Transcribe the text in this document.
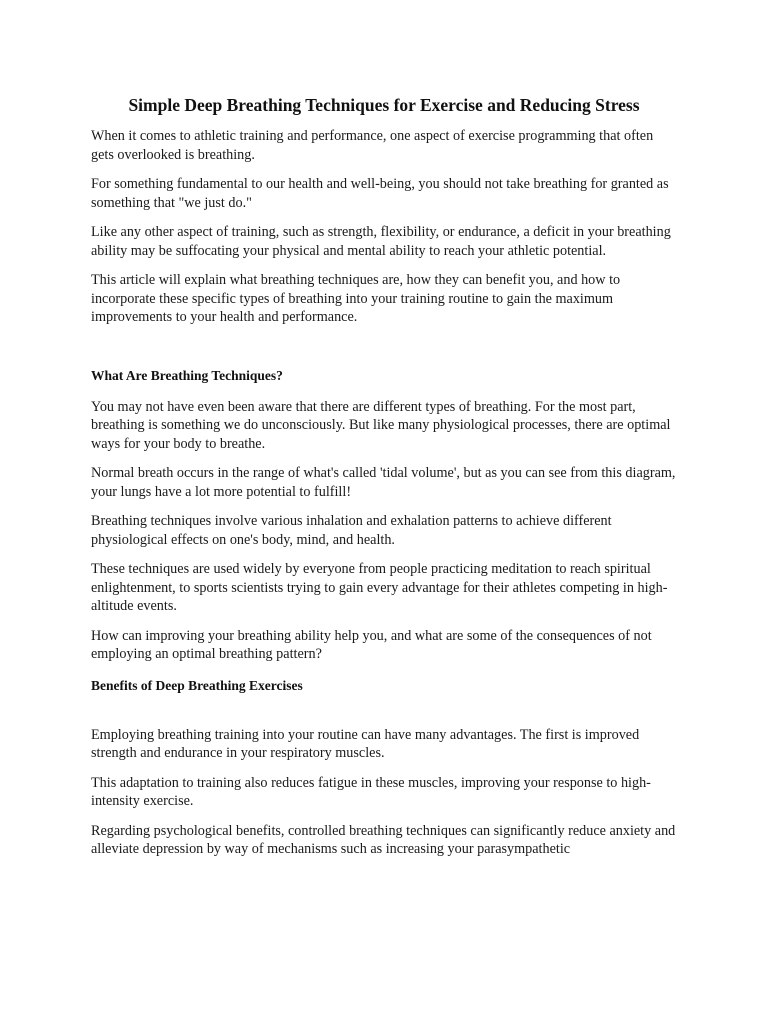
Simple Deep Breathing Techniques for Exercise and Reducing Stress

When it comes to athletic training and performance, one aspect of exercise programming that often gets overlooked is breathing.

For something fundamental to our health and well-being, you should not take breathing for granted as something that "we just do."

Like any other aspect of training, such as strength, flexibility, or endurance, a deficit in your breathing ability may be suffocating your physical and mental ability to reach your athletic potential.

This article will explain what breathing techniques are, how they can benefit you, and how to incorporate these specific types of breathing into your training routine to gain the maximum improvements to your health and performance.

What Are Breathing Techniques?

You may not have even been aware that there are different types of breathing. For the most part, breathing is something we do unconsciously. But like many physiological processes, there are optimal ways for your body to breathe.

Normal breath occurs in the range of what's called 'tidal volume', but as you can see from this diagram, your lungs have a lot more potential to fulfill!

Breathing techniques involve various inhalation and exhalation patterns to achieve different physiological effects on one's body, mind, and health.

These techniques are used widely by everyone from people practicing meditation to reach spiritual enlightenment, to sports scientists trying to gain every advantage for their athletes competing in high-altitude events.

How can improving your breathing ability help you, and what are some of the consequences of not employing an optimal breathing pattern?

Benefits of Deep Breathing Exercises

Employing breathing training into your routine can have many advantages. The first is improved strength and endurance in your respiratory muscles.

This adaptation to training also reduces fatigue in these muscles, improving your response to high-intensity exercise.

Regarding psychological benefits, controlled breathing techniques can significantly reduce anxiety and alleviate depression by way of mechanisms such as increasing your parasympathetic
